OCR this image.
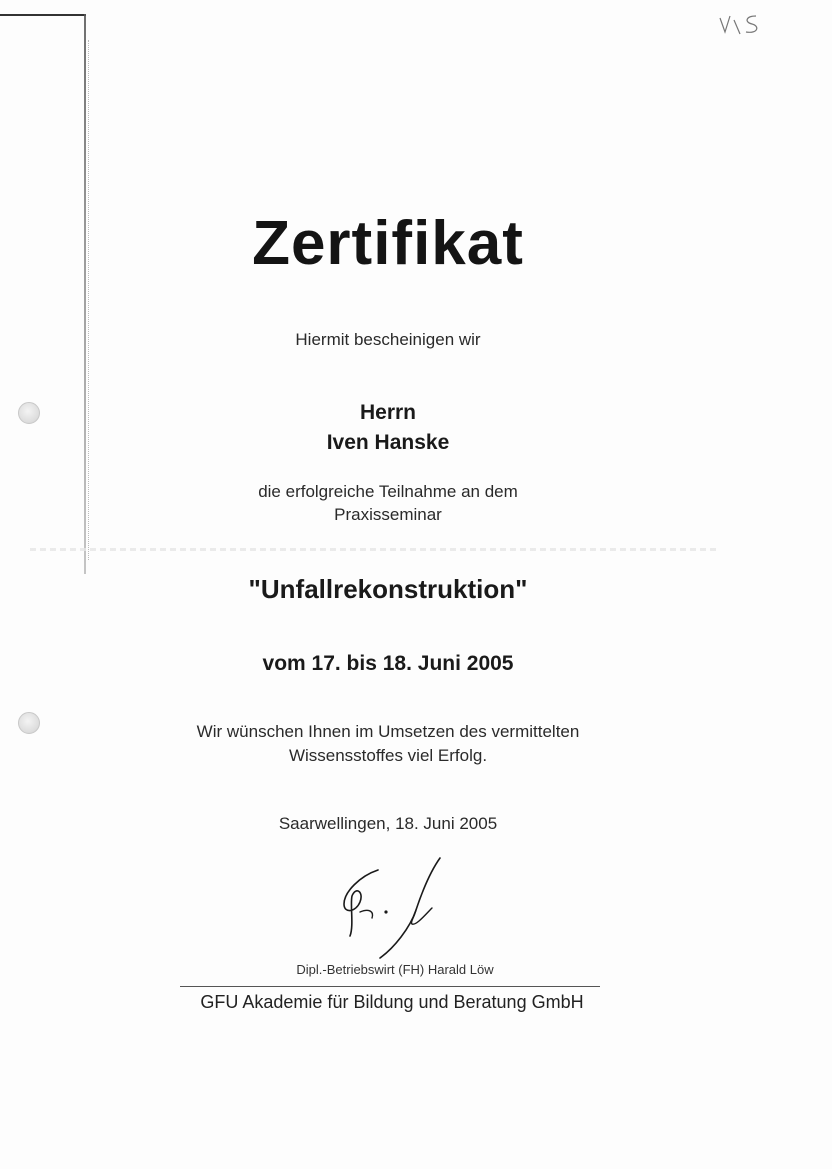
Zertifikat
Hiermit bescheinigen wir
Herrn
Iven Hanske
die erfolgreiche Teilnahme an dem
Praxisseminar
"Unfallrekonstruktion"
vom 17. bis 18. Juni 2005
Wir wünschen Ihnen im Umsetzen des vermittelten
Wissensstoffes viel Erfolg.
Saarwellingen, 18. Juni 2005
Dipl.-Betriebswirt (FH) Harald Löw
GFU Akademie für Bildung und Beratung GmbH
